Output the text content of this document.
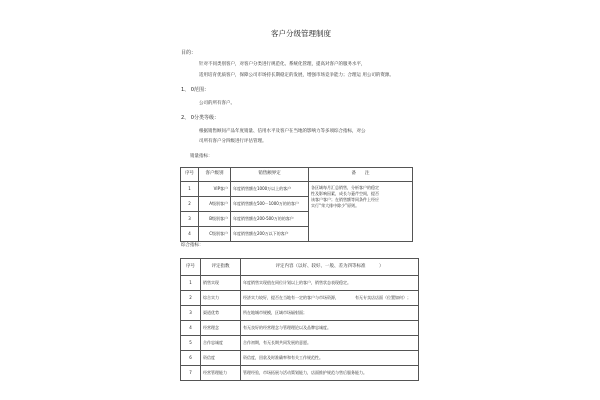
客户分级管理制度
目的：
针对不同类别客户，对客户分类进行规范化、系统化管理，提高对客户的服务水平，
适用培育优质客户，保障公司市场持长期稳定的发展，增强市场竞争能力；合理运 用公司的资源。
1、 0范围：
公司的所有客户。
2、 0分类等级：
根据销售顾问产品年度销量、信用水平及客户在当地的影响力等多项综合指标，对公
司所有客户分四级进行评估管理。
销量指标：
序号	客户级别	销售额界定	备　　注
1	VIP客户	年度销售额在1000万以上的客户	各区域每月汇总销售，分析客户的稳定
性及影响因素，成长与萎芹空间，提否
该客户客户；在销售额等同条件上经应
实行“荣大排中除少”原则。

2	A级别客户	年度销售额在500－1000万的的客户	
3	B级别客户	年度销售额在200-500万的的客户	
4	C级别客户	年度销售额在200万以下的客户	
综合指标：
序号	评定指数	评定内容（以好、较好、一般、差为四等标准　　　）
1	销售实现	年度销售实现值在同位计划以上的客户，销售状态表现稳定。
2	综合实力	经济实力较好，提否在当地有一定的客户与市场资源，　　　　有无专卖店店面（位置如何）；
3	渠道优势	所在地城市规模，区域市场辐射面；
4	经营理念	有无良好的经营理念与管理理论以及品牌忠诚度。
5	合作忠诚度	合作初期，有无长期共同发展的意愿。
6	资信度	资信度，回款及时准确率和有关工作规范性。
7	经营管理能力	管理经验，市场拓展与活动策划能力，店面推护规范与售后服务能力。
